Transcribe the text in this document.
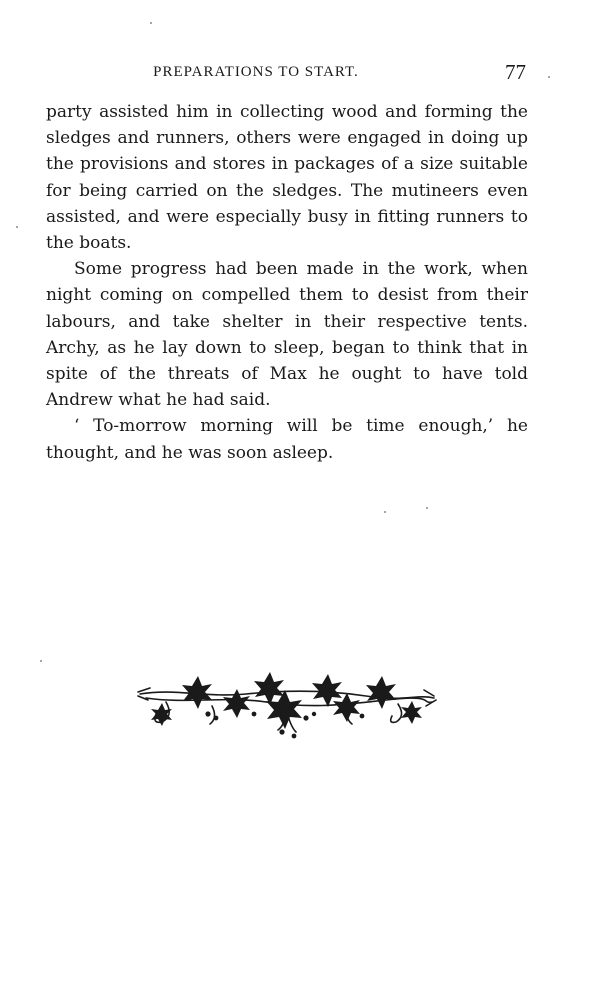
PREPARATIONS TO START.	77

party assisted him in collecting wood and forming the sledges and runners, others were engaged in doing up the provisions and stores in packages of a size suitable for being carried on the sledges. The mutineers even assisted, and were especially busy in fitting runners to the boats.

Some progress had been made in the work, when night coming on compelled them to desist from their labours, and take shelter in their respective tents. Archy, as he lay down to sleep, began to think that in spite of the threats of Max he ought to have told Andrew what he had said.

‘ To-morrow morning will be time enough,’ he thought, and he was soon asleep.
